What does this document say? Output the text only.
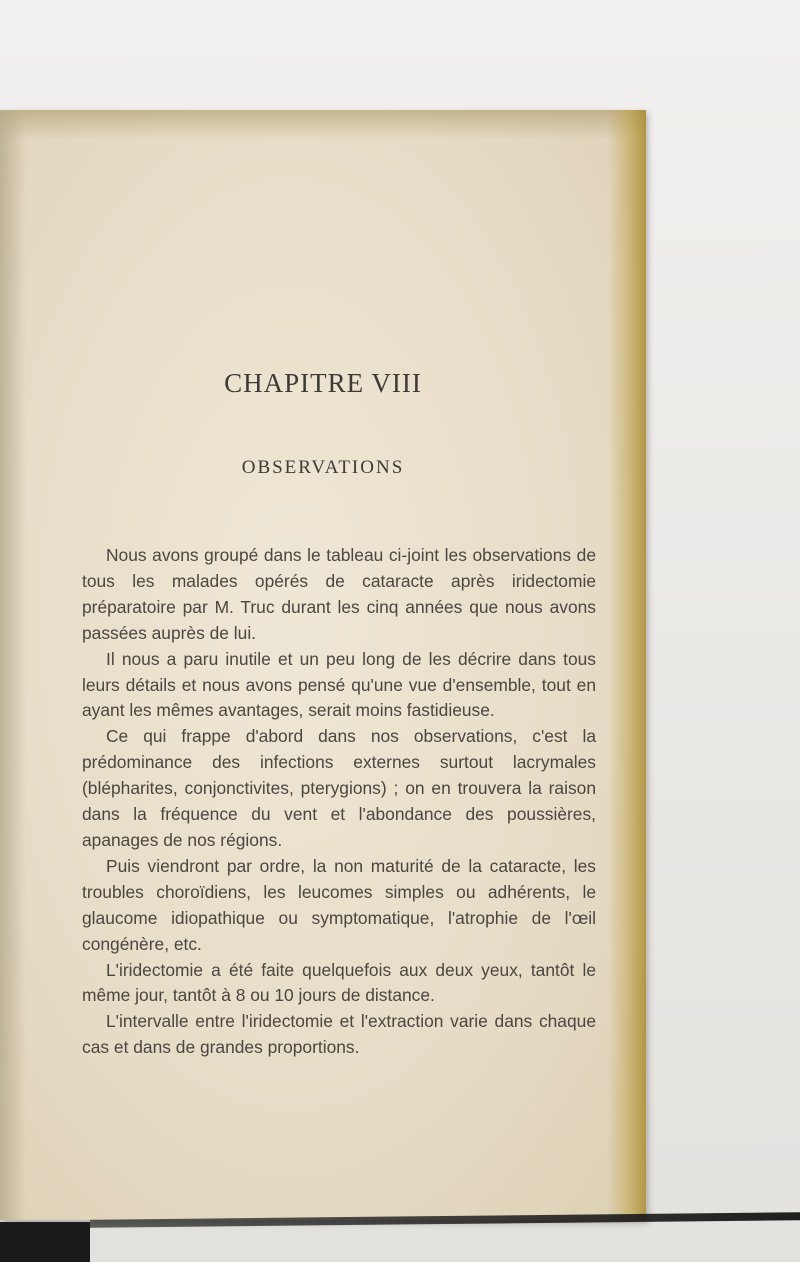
CHAPITRE VIII
OBSERVATIONS

Nous avons groupé dans le tableau ci-joint les observations de tous les malades opérés de cataracte après iridectomie préparatoire par M. Truc durant les cinq années que nous avons passées auprès de lui.

Il nous a paru inutile et un peu long de les décrire dans tous leurs détails et nous avons pensé qu'une vue d'ensemble, tout en ayant les mêmes avantages, serait moins fastidieuse.

Ce qui frappe d'abord dans nos observations, c'est la prédominance des infections externes surtout lacrymales (blépharites, conjonctivites, pterygions) ; on en trouvera la raison dans la fréquence du vent et l'abondance des poussières, apanages de nos régions.

Puis viendront par ordre, la non maturité de la cataracte, les troubles choroïdiens, les leucomes simples ou adhérents, le glaucome idiopathique ou symptomatique, l'atrophie de l'œil congénère, etc.

L'iridectomie a été faite quelquefois aux deux yeux, tantôt le même jour, tantôt à 8 ou 10 jours de distance.

L'intervalle entre l'iridectomie et l'extraction varie dans chaque cas et dans de grandes proportions.
